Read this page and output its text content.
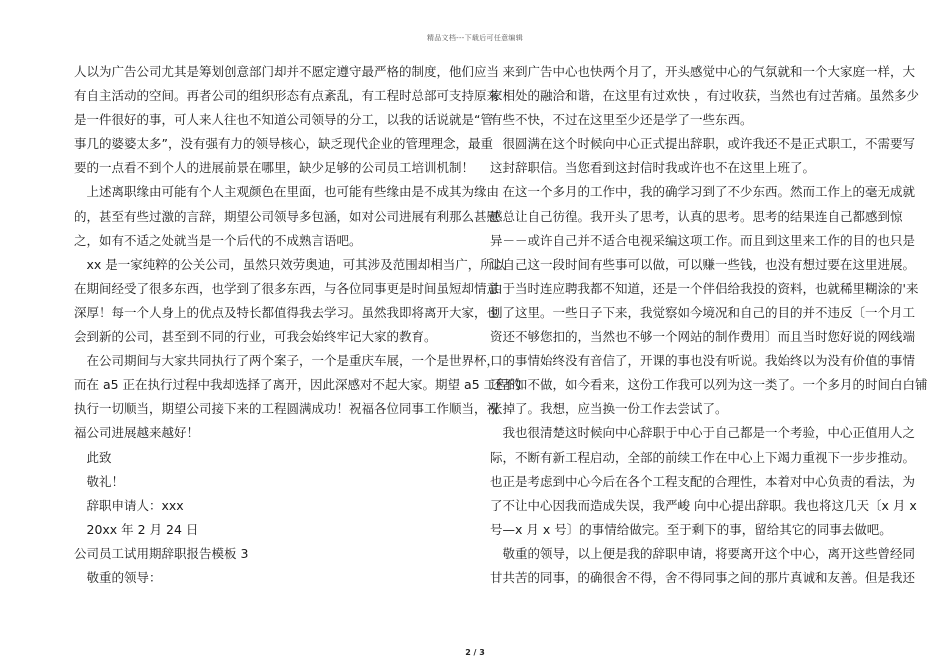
精品文档---下载后可任意编辑
人以为广告公司尤其是筹划创意部门却并不愿定遵守最严格的制度，他们应当
有自主活动的空间。再者公司的组织形态有点紊乱，有工程时总部可支持原来
是一件很好的事，可人来人往也不知道公司领导的分工，以我的话说就是“管
事几的婆婆太多”，没有强有力的领导核心，缺乏现代企业的管理理念，最重
要的一点看不到个人的进展前景在哪里，缺少足够的公司员工培训机制！
　上述离职缘由可能有个人主观颜色在里面，也可能有些缘由是不成其为缘由
的，甚至有些过激的言辞，期望公司领导多包涵，如对公司进展有利那么甚慰
之，如有不适之处就当是一个后代的不成熟言语吧。
　xx 是一家纯粹的公关公司，虽然只效劳奥迪，可其涉及范围却相当广，所以
在期间经受了很多东西，也学到了很多东西，与各位同事更是时间虽短却情意
深厚！每一个人身上的优点及特长都值得我去学习。虽然我即将离开大家，也
会到新的公司，甚至到不同的行业，可我会始终牢记大家的教育。
　在公司期间与大家共同执行了两个案子，一个是重庆车展，一个是世界杯，
而在 a5 正在执行过程中我却选择了离开，因此深感对不起大家。期望 a5 工程的
执行一切顺当，期望公司接下来的工程圆满成功！祝福各位同事工作顺当，祝
福公司进展越来越好！
　此致
　敬礼！
　辞职申请人：xxx
　20xx 年 2 月 24 日
公司员工试用期辞职报告模板 3
　敬重的领导：
　来到广告中心也快两个月了，开头感觉中心的气氛就和一个大家庭一样，大
家相处的融洽和谐，在这里有过欢快 ，有过收获，当然也有过苦痛。虽然多少
有些不快，不过在这里至少还是学了一些东西。
　很圆满在这个时候向中心正式提出辞职，或许我还不是正式职工，不需要写
这封辞职信。当您看到这封信时我或许也不在这里上班了。
　在这一个多月的工作中，我的确学习到了不少东西。然而工作上的毫无成就
感总让自己彷徨。我开头了思考，认真的思考。思考的结果连自己都感到惊
异－－或许自己并不适合电视采编这项工作。而且到这里来工作的目的也只是
让自己这一段时间有些事可以做，可以赚一些钱，也没有想过要在这里进展。
由于当时连应聘我都不知道，还是一个伴侣给我投的资料，也就稀里糊涂的'来
到了这里。一些日子下来，我觉察如今境况和自己的目的并不违反〔一个月工
资还不够您扣的，当然也不够一个网站的制作费用〕而且当时您好说的网线端
口的事情始终没有音信了，开课的事也没有听说。我始终以为没有价值的事情
还不如不做，如今看来，这份工作我可以列为这一类了。一个多月的时间白白铺
张掉了。我想，应当换一份工作去尝试了。
　我也很清楚这时候向中心辞职于中心于自己都是一个考验，中心正值用人之
际，不断有新工程启动，全部的前续工作在中心上下竭力重视下一步步推动。
也正是考虑到中心今后在各个工程支配的合理性，本着对中心负责的看法，为
了不让中心因我而造成失误，我严峻 向中心提出辞职。我也将这几天〔x 月 x
号—x 月 x 号〕的事情给做完。至于剩下的事，留给其它的同事去做吧。
　敬重的领导，以上便是我的辞职申请，将要离开这个中心，离开这些曾经同
甘共苦的同事，的确很舍不得，舍不得同事之间的那片真诚和友善。但是我还
2 / 3
